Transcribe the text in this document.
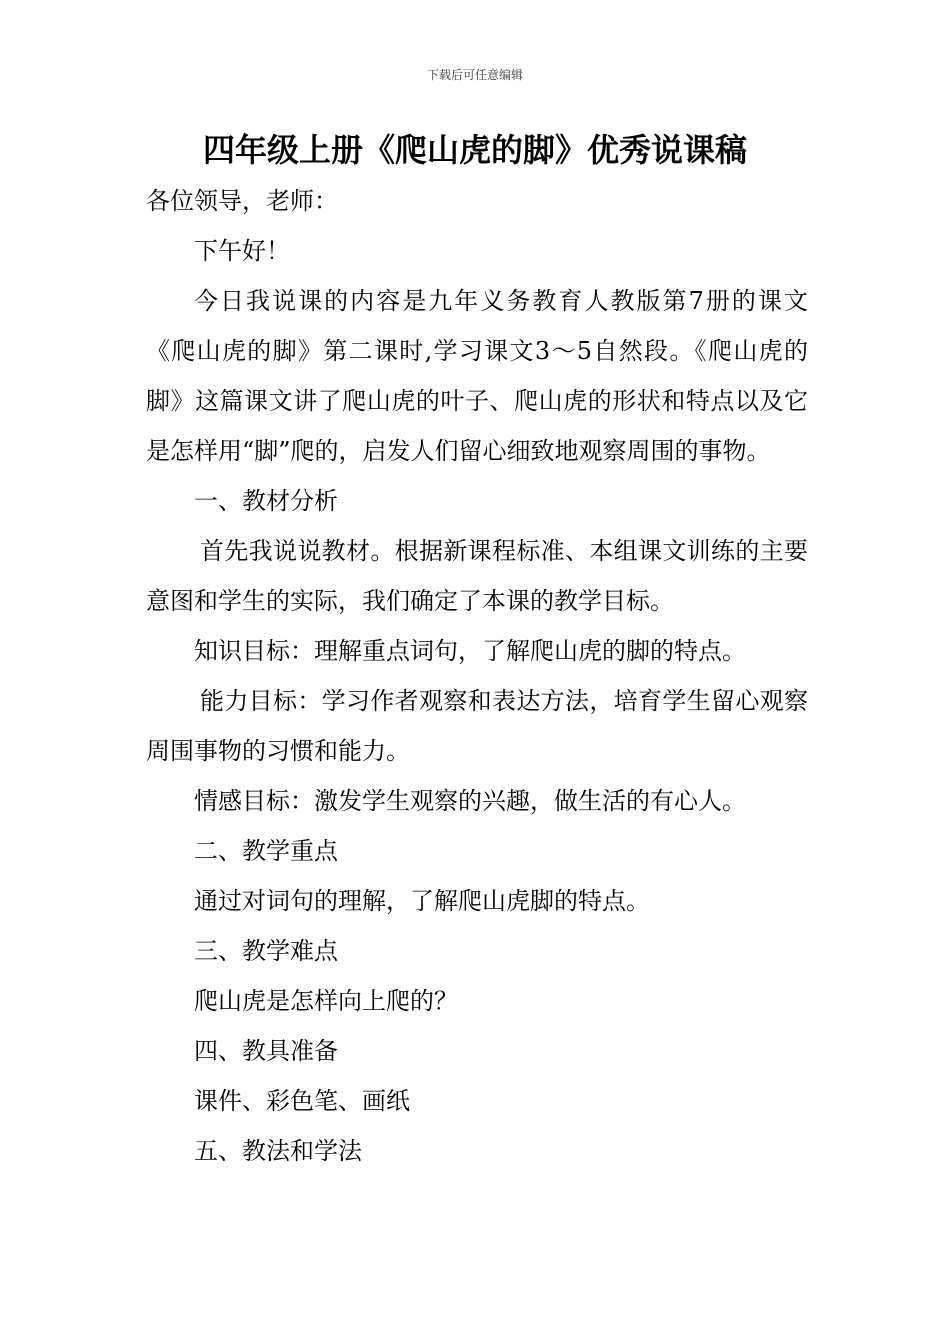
下载后可任意编辑
四年级上册《爬山虎的脚》优秀说课稿

各位领导，老师：

下午好！

今日我说课的内容是九年义务教育人教版第7册的课文《爬山虎的脚》第二课时,学习课文3～5自然段。《爬山虎的脚》这篇课文讲了爬山虎的叶子、爬山虎的形状和特点以及它是怎样用“脚”爬的，启发人们留心细致地观察周围的事物。

一、教材分析

首先我说说教材。根据新课程标准、本组课文训练的主要意图和学生的实际，我们确定了本课的教学目标。

知识目标：理解重点词句，了解爬山虎的脚的特点。

能力目标：学习作者观察和表达方法，培育学生留心观察周围事物的习惯和能力。

情感目标：激发学生观察的兴趣，做生活的有心人。

二、教学重点

通过对词句的理解，了解爬山虎脚的特点。

三、教学难点

爬山虎是怎样向上爬的？

四、教具准备

课件、彩色笔、画纸

五、教法和学法
